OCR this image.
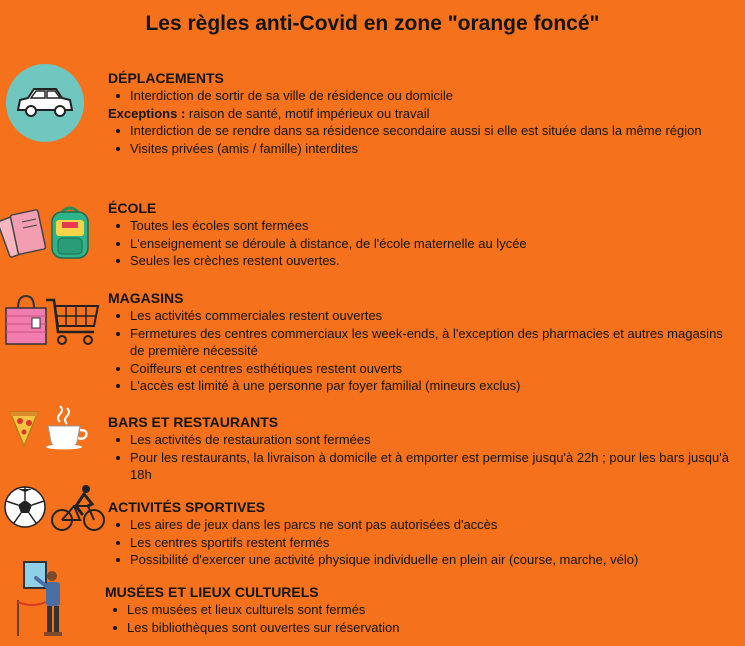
Les règles anti-Covid en zone "orange foncé"
DÉPLACEMENTS
Interdiction de sortir de sa ville de résidence ou domicile
Exceptions : raison de santé, motif impérieux ou travail
Interdiction de se rendre dans sa résidence secondaire aussi si elle est située dans la même région
Visites privées (amis / famille) interdites
ÉCOLE
Toutes les écoles sont fermées
L'enseignement se déroule à distance, de l'école maternelle au lycée
Seules les crèches restent ouvertes.
MAGASINS
Les activités commerciales restent ouvertes
Fermetures des centres commerciaux les week-ends, à l'exception des pharmacies et autres magasins de première nécessité
Coiffeurs et centres esthétiques restent ouverts
L'accès est limité à une personne par foyer familial (mineurs exclus)
BARS ET RESTAURANTS
Les activités de restauration sont fermées
Pour les restaurants, la livraison à domicile et à emporter est permise jusqu'à 22h ; pour les bars jusqu'à 18h
ACTIVITÉS SPORTIVES
Les aires de jeux dans les parcs ne sont pas autorisées d'accès
Les centres sportifs restent fermés
Possibilité d'exercer une activité physique individuelle en plein air (course, marche, vélo)
MUSÉES ET LIEUX CULTURELS
Les musées et lieux culturels sont fermés
Les bibliothèques sont ouvertes sur réservation
